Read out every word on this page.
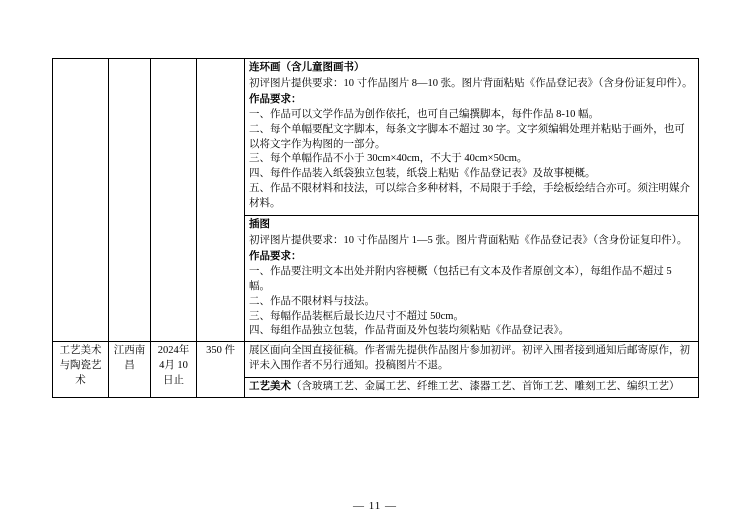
连环画（含儿童图画书）

初评图片提供要求：10 寸作品图片 8—10 张。图片背面粘贴《作品登记表》（含身份证复印件）。

作品要求：

一、作品可以文学作品为创作依托，也可自己编撰脚本，每件作品 8-10 幅。

二、每个单幅要配文字脚本，每条文字脚本不超过 30 字。文字须编辑处理并粘贴于画外，也可以将文字作为构图的一部分。

三、每个单幅作品不小于 30cm×40cm，不大于 40cm×50cm。

四、每件作品装入纸袋独立包装，纸袋上粘贴《作品登记表》及故事梗概。

五、作品不限材料和技法，可以综合多种材料，不局限于手绘，手绘板绘结合亦可。须注明媒介材料。

插图

初评图片提供要求：10 寸作品图片 1—5 张。图片背面粘贴《作品登记表》（含身份证复印件）。

作品要求：

一、作品要注明文本出处并附内容梗概（包括已有文本及作者原创文本），每组作品不超过 5 幅。

二、作品不限材料与技法。

三、每幅作品装框后最长边尺寸不超过 50cm。

四、每组作品独立包装，作品背面及外包装均须粘贴《作品登记表》。

工艺美术与陶瓷艺术	江西南昌	2024年 4月 10 日止	350 件	展区面向全国直接征稿。作者需先提供作品图片参加初评。初评入围者接到通知后邮寄原作，初评未入围作者不另行通知。投稿图片不退。

工艺美术（含玻璃工艺、金属工艺、纤维工艺、漆器工艺、首饰工艺、雕刻工艺、编织工艺）

— 11 —
